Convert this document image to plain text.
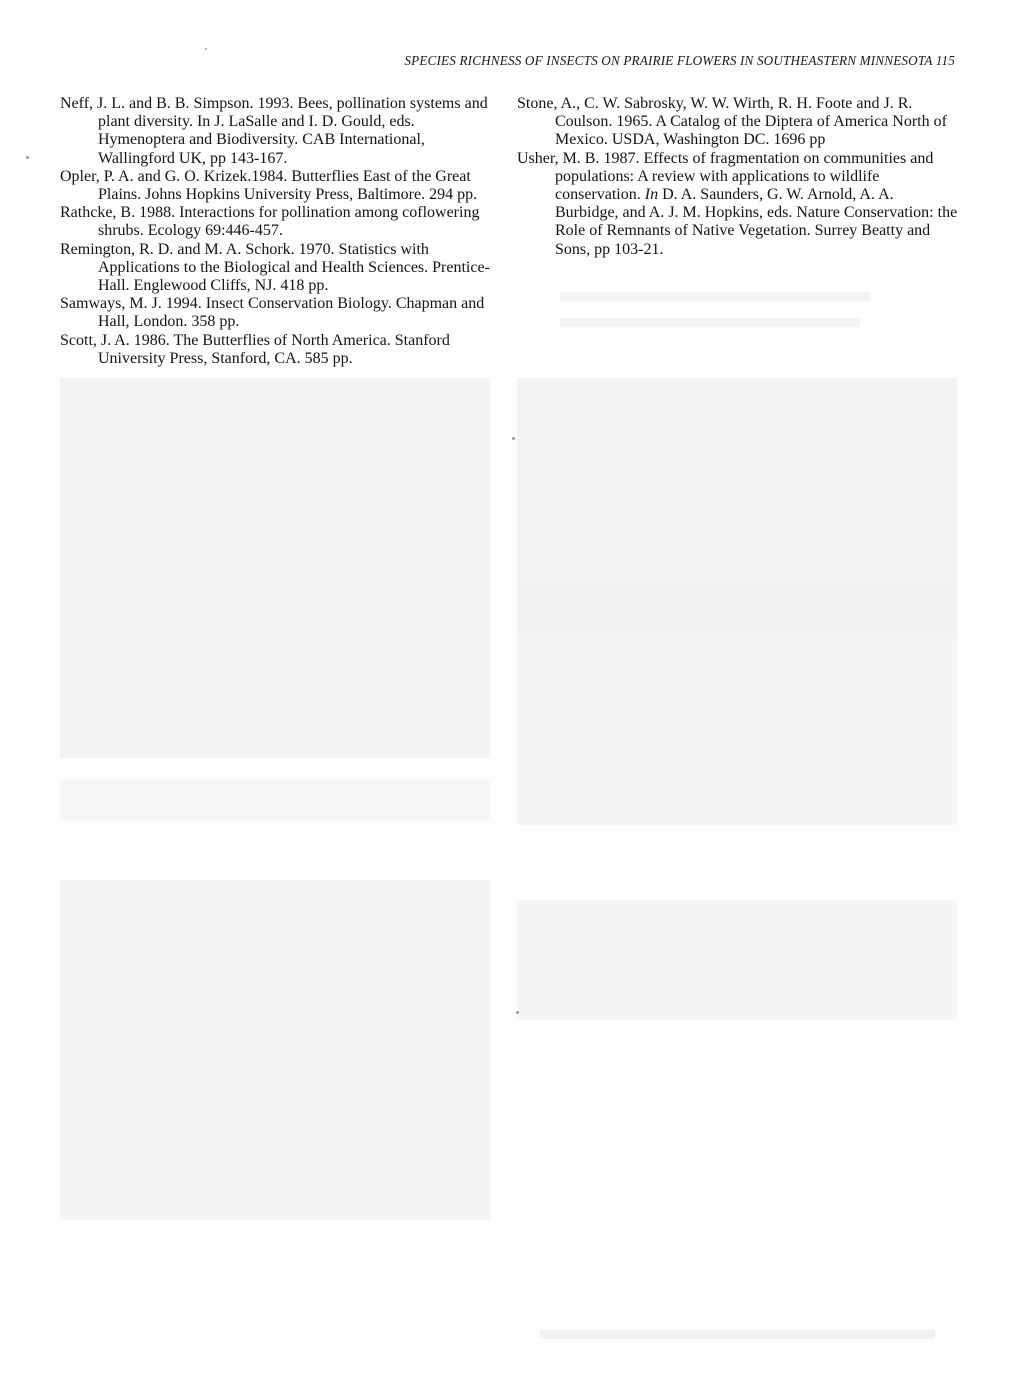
SPECIES RICHNESS OF INSECTS ON PRAIRIE FLOWERS IN SOUTHEASTERN MINNESOTA 115

Neff, J. L. and B. B. Simpson. 1993. Bees, pollination systems and plant diversity. In J. LaSalle and I. D. Gould, eds. Hymenoptera and Biodiversity. CAB International, Wallingford UK, pp 143-167.

Opler, P. A. and G. O. Krizek.1984. Butterflies East of the Great Plains. Johns Hopkins University Press, Baltimore. 294 pp.

Rathcke, B. 1988. Interactions for pollination among coflowering shrubs. Ecology 69:446-457.

Remington, R. D. and M. A. Schork. 1970. Statistics with Applications to the Biological and Health Sciences. Prentice-Hall. Englewood Cliffs, NJ. 418 pp.

Samways, M. J. 1994. Insect Conservation Biology. Chapman and Hall, London. 358 pp.

Scott, J. A. 1986. The Butterflies of North America. Stanford University Press, Stanford, CA. 585 pp.

Stone, A., C. W. Sabrosky, W. W. Wirth, R. H. Foote and J. R. Coulson. 1965. A Catalog of the Diptera of America North of Mexico. USDA, Washington DC. 1696 pp

Usher, M. B. 1987. Effects of fragmentation on communities and populations: A review with applications to wildlife conservation. In D. A. Saunders, G. W. Arnold, A. A. Burbidge, and A. J. M. Hopkins, eds. Nature Conservation: the Role of Remnants of Native Vegetation. Surrey Beatty and Sons, pp 103-21.
